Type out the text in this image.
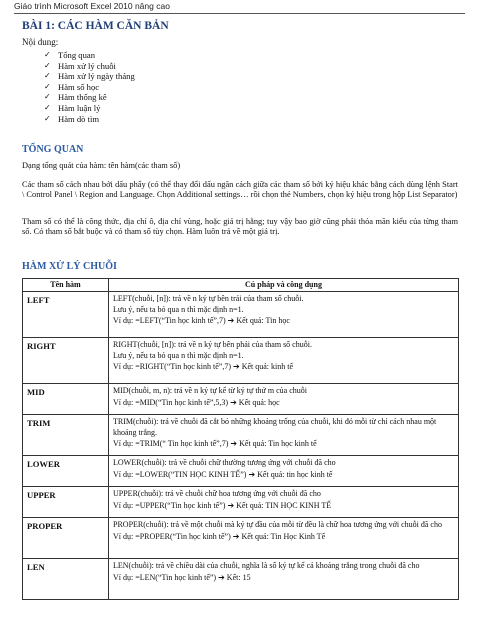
Giáo trình Microsoft Excel 2010 nâng cao
BÀI 1: CÁC HÀM CĂN BẢN
Nội dung:
✓ Tổng quan
✓ Hàm xử lý chuỗi
✓ Hàm xử lý ngày tháng
✓ Hàm số học
✓ Hàm thống kê
✓ Hàm luận lý
✓ Hàm dò tìm
TỔNG QUAN

Dạng tổng quát của hàm: tên hàm(các tham số)

Các tham số cách nhau bởi dấu phẩy (có thể thay đổi dấu ngăn cách giữa các tham số bởi ký hiệu khác bằng cách dùng lệnh Start \ Control Panel \ Region and Language. Chọn Additional settings… rồi chọn thẻ Numbers, chọn ký hiệu trong hộp List Separator)

Tham số có thể là công thức, địa chỉ ô, địa chỉ vùng, hoặc giá trị hằng; tuy vậy bao giờ cũng phải thỏa mãn kiểu của từng tham số. Có tham số bắt buộc và có tham số tùy chọn. Hàm luôn trả về một giá trị.

HÀM XỬ LÝ CHUỖI
Tên hàm	Cú pháp và công dụng
LEFT	LEFT(chuỗi, [n]): trả về n ký tự bên trái của tham số chuỗi.
Lưu ý, nếu ta bỏ qua n thì mặc định n=1.
Ví dụ: =LEFT(“Tin học kinh tế”,7) ➔ Kết quả: Tin học

RIGHT	RIGHT(chuỗi, [n]): trả về n ký tự bên phải của tham số chuỗi.
Lưu ý, nếu ta bỏ qua n thì mặc định n=1.
Ví dụ: =RIGHT(“Tin học kinh tế”,7) ➔ Kết quả: kinh tế

MID	MID(chuỗi, m, n): trả về n ký tự kể từ ký tự thứ m của chuỗi
Ví dụ: =MID(“Tin học kinh tế”,5,3) ➔ Kết quả: học

TRIM	TRIM(chuỗi): trả về chuỗi đã cắt bỏ những khoảng trống của chuỗi, khi đó mỗi từ chỉ cách nhau một khoảng trắng.
Ví dụ: =TRIM(“ Tin học kinh tế”,7) ➔ Kết quả: Tin học kinh tế

LOWER	LOWER(chuỗi): trả về chuỗi chữ thường tương ứng với chuỗi đã cho
Ví dụ: =LOWER(“TIN HỌC KINH TẾ”) ➔ Kết quả: tin học kinh tế

UPPER	UPPER(chuỗi): trả về chuỗi chữ hoa tương ứng với chuỗi đã cho
Ví dụ: =UPPER(“Tin học kinh tế”) ➔ Kết quả: TIN HỌC KINH TẾ

PROPER	PROPER(chuỗi): trả về một chuỗi mà ký tự đầu của mỗi từ đều là chữ hoa tương ứng với chuỗi đã cho
Ví dụ: =PROPER(“Tin học kinh tế”) ➔ Kết quả: Tin Học Kinh Tế

LEN	LEN(chuỗi): trả về chiều dài của chuỗi, nghĩa là số ký tự kể cả khoảng trắng trong chuỗi đã cho
Ví dụ: =LEN(“Tin học kinh tế”) ➔ Kết: 15
